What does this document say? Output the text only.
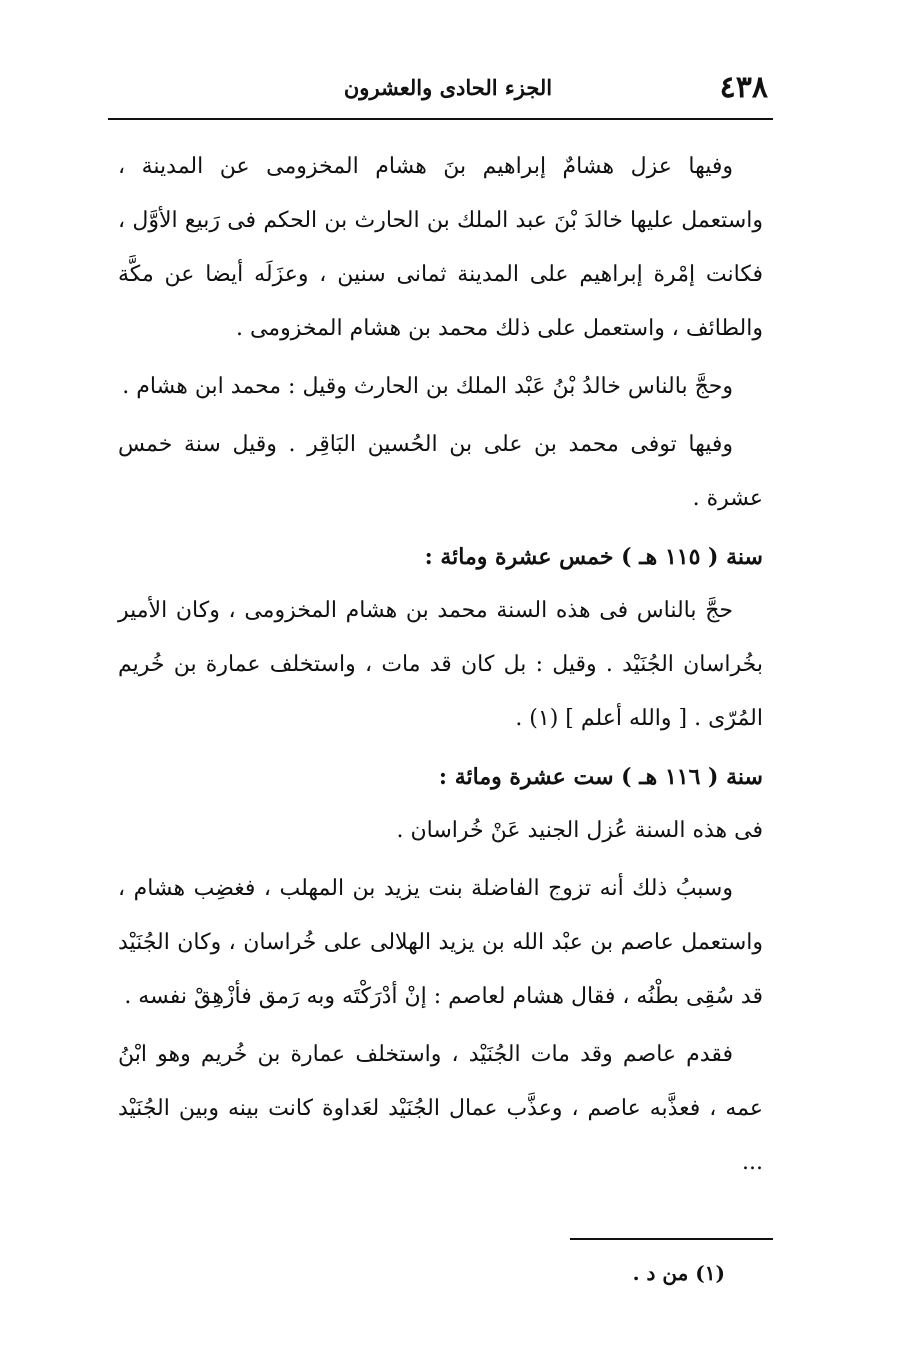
٤٣٨
الجزء الحادى والعشرون

وفيها عزل هشامٌ إبراهيم بنَ هشام المخزومى عن المدينة ، واستعمل عليها خالدَ بْنَ عبد الملك بن الحارث بن الحكم فى رَبيع الأوَّل ، فكانت إمْرة إبراهيم على المدينة ثمانى سنين ، وعزَلَه أيضا عن مكَّة والطائف ، واستعمل على ذلك محمد بن هشام المخزومى .

وحجَّ بالناس خالدُ بْنُ عَبْد الملك بن الحارث وقيل : محمد ابن هشام .

وفيها توفى محمد بن على بن الحُسين البَاقِر . وقيل سنة خمس عشرة .

سنة ( ١١٥ هـ ) خمس عشرة ومائة :

حجَّ بالناس فى هذه السنة محمد بن هشام المخزومى ، وكان الأمير بخُراسان الجُنَيْد . وقيل : بل كان قد مات ، واستخلف عمارة بن خُريم المُرّى . [ والله أعلم ] (١) .

سنة ( ١١٦ هـ ) ست عشرة ومائة :

فى هذه السنة عُزل الجنيد عَنْ خُراسان .

وسببُ ذلك أنه تزوج الفاضلة بنت يزيد بن المهلب ، فغضِب هشام ، واستعمل عاصم بن عبْد الله بن يزيد الهلالى على خُراسان ، وكان الجُنَيْد قد سُقِى بطْنُه ، فقال هشام لعاصم : إنْ أدْرَكْتَه وبه رَمق فأزْهِقْ نفسه .

فقدم عاصم وقد مات الجُنَيْد ، واستخلف عمارة بن خُريم وهو ابْنُ عمه ، فعذَّبه عاصم ، وعذَّب عمال الجُنَيْد لعَداوة كانت بينه وبين الجُنَيْد ...

(١) من د .
